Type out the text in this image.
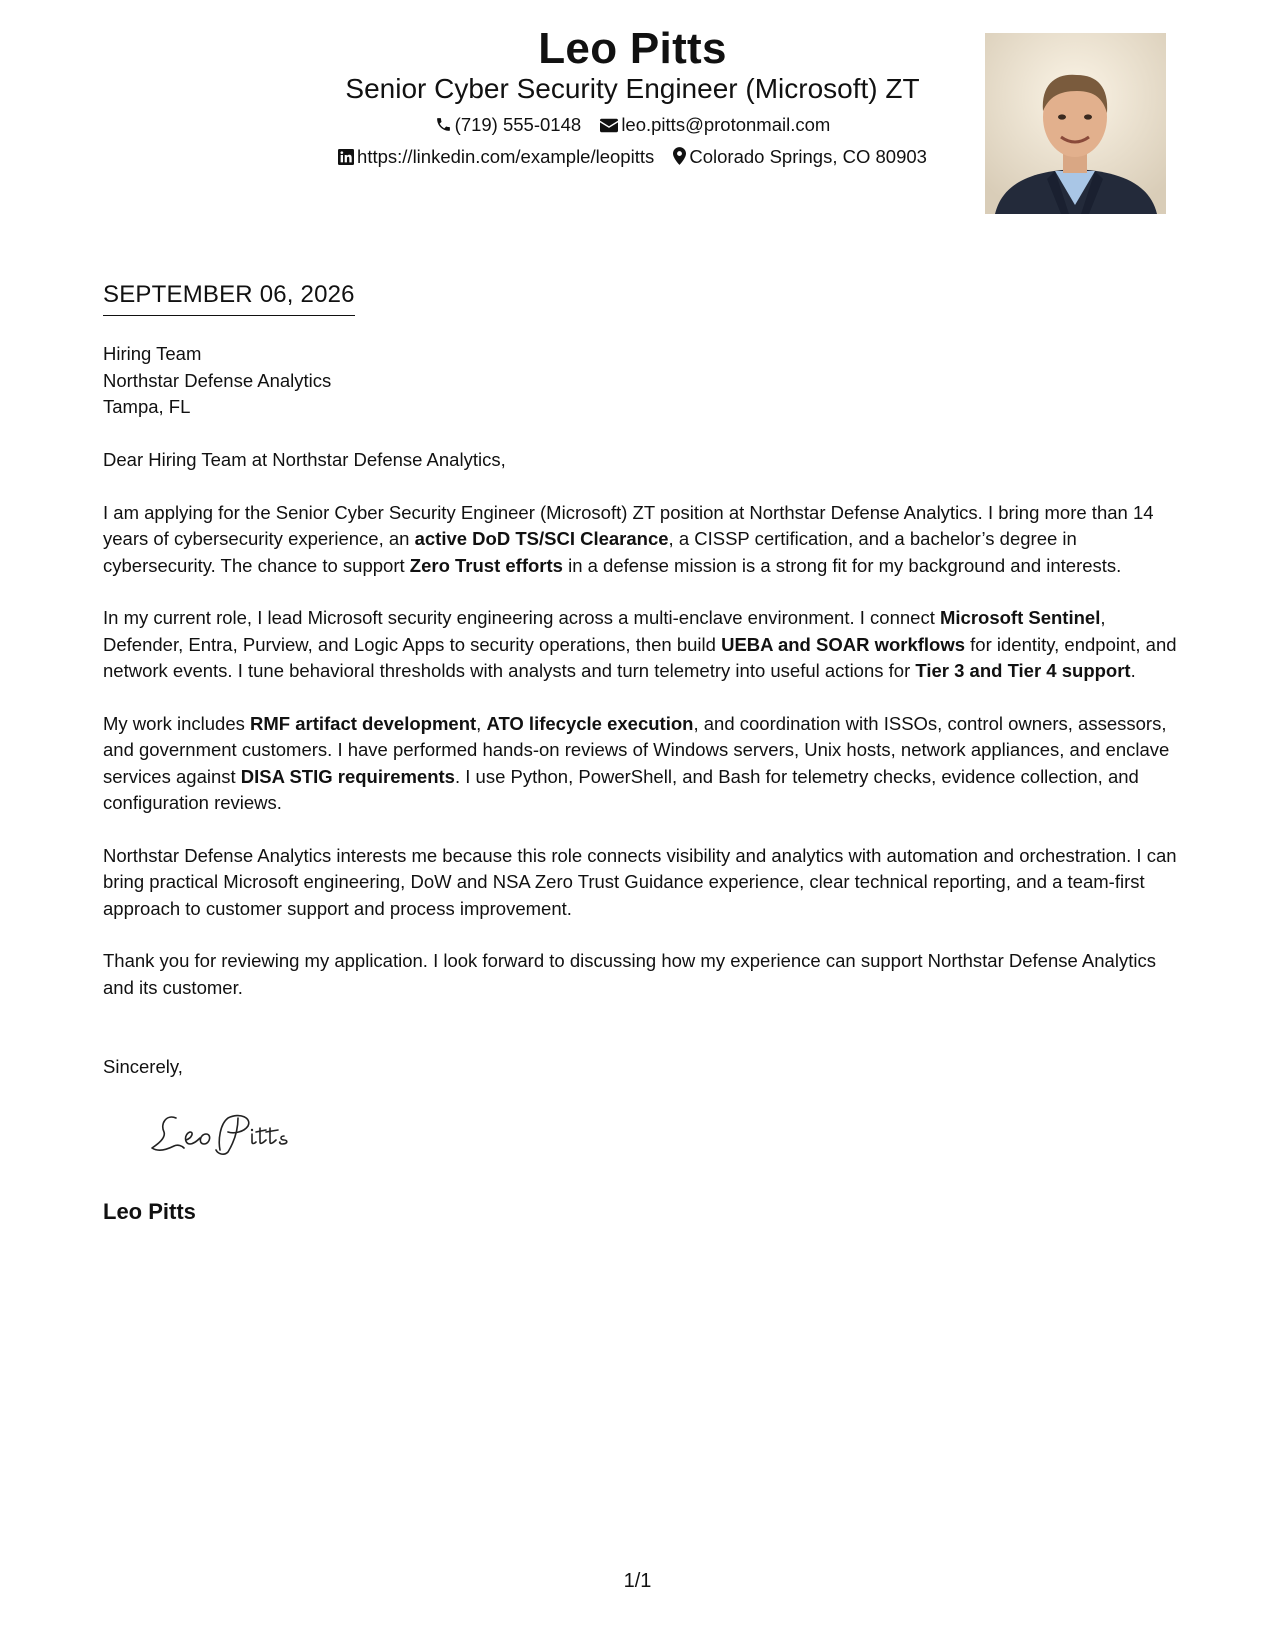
Leo Pitts
Senior Cyber Security Engineer (Microsoft) ZT
(719) 555-0148 leo.pitts@protonmail.com
https://linkedin.com/example/leopitts Colorado Springs, CO 80903
SEPTEMBER 06, 2026
Hiring Team
Northstar Defense Analytics
Tampa, FL

Dear Hiring Team at Northstar Defense Analytics,

I am applying for the Senior Cyber Security Engineer (Microsoft) ZT position at Northstar Defense Analytics. I bring more than 14 years of cybersecurity experience, an active DoD TS/SCI Clearance, a CISSP certification, and a bachelor’s degree in cybersecurity. The chance to support Zero Trust efforts in a defense mission is a strong fit for my background and interests.

In my current role, I lead Microsoft security engineering across a multi-enclave environment. I connect Microsoft Sentinel, Defender, Entra, Purview, and Logic Apps to security operations, then build UEBA and SOAR workflows for identity, endpoint, and network events. I tune behavioral thresholds with analysts and turn telemetry into useful actions for Tier 3 and Tier 4 support.

My work includes RMF artifact development, ATO lifecycle execution, and coordination with ISSOs, control owners, assessors, and government customers. I have performed hands-on reviews of Windows servers, Unix hosts, network appliances, and enclave services against DISA STIG requirements. I use Python, PowerShell, and Bash for telemetry checks, evidence collection, and configuration reviews.

Northstar Defense Analytics interests me because this role connects visibility and analytics with automation and orchestration. I can bring practical Microsoft engineering, DoW and NSA Zero Trust Guidance experience, clear technical reporting, and a team-first approach to customer support and process improvement.

Thank you for reviewing my application. I look forward to discussing how my experience can support Northstar Defense Analytics and its customer.

Sincerely,
Leo Pitts
1/1
